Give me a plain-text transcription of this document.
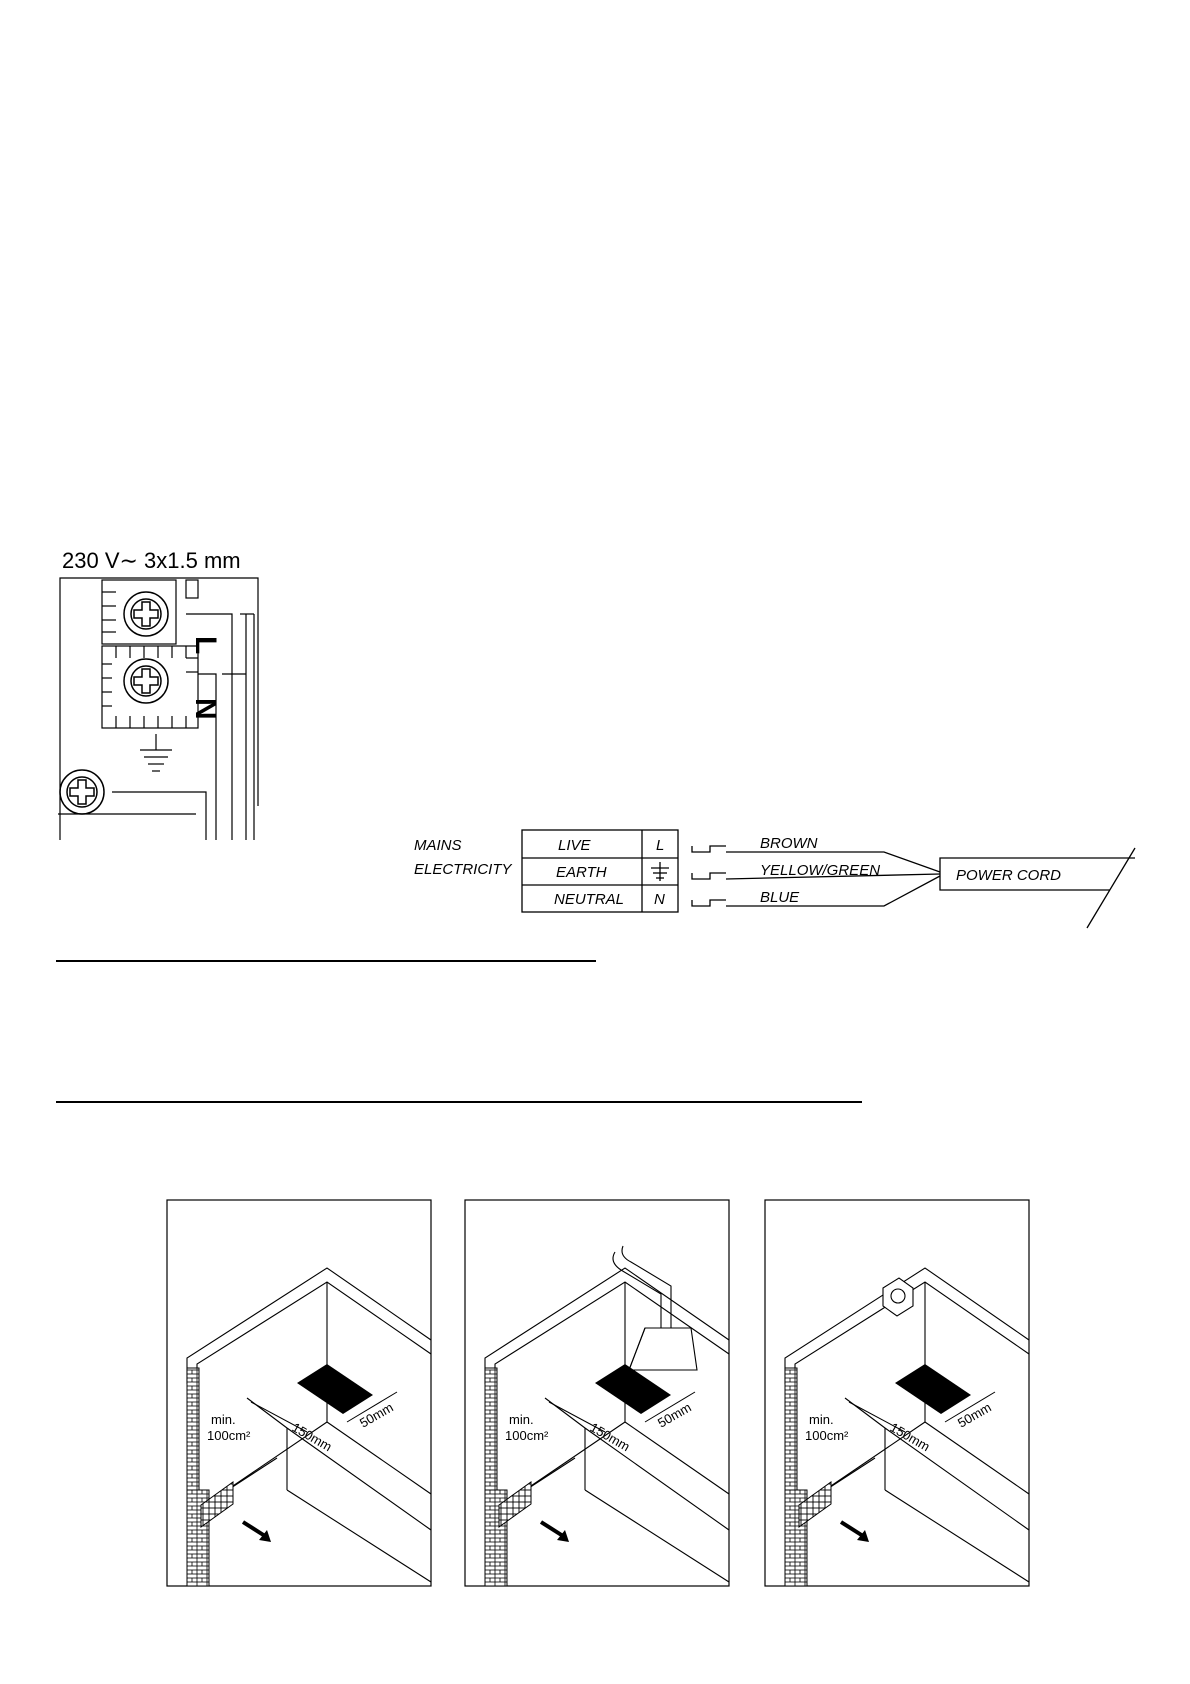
230 V∼ 3x1.5 mm
L
N
MAINS
ELECTRICITY
LIVE	L
EARTH
NEUTRAL N
BROWN
YELLOW/GREEN
BLUE
POWER CORD
min.
100cm²	150mm
50mm	min.
100cm²	150mm
50mm	min.
100cm²	150mm
50mm
